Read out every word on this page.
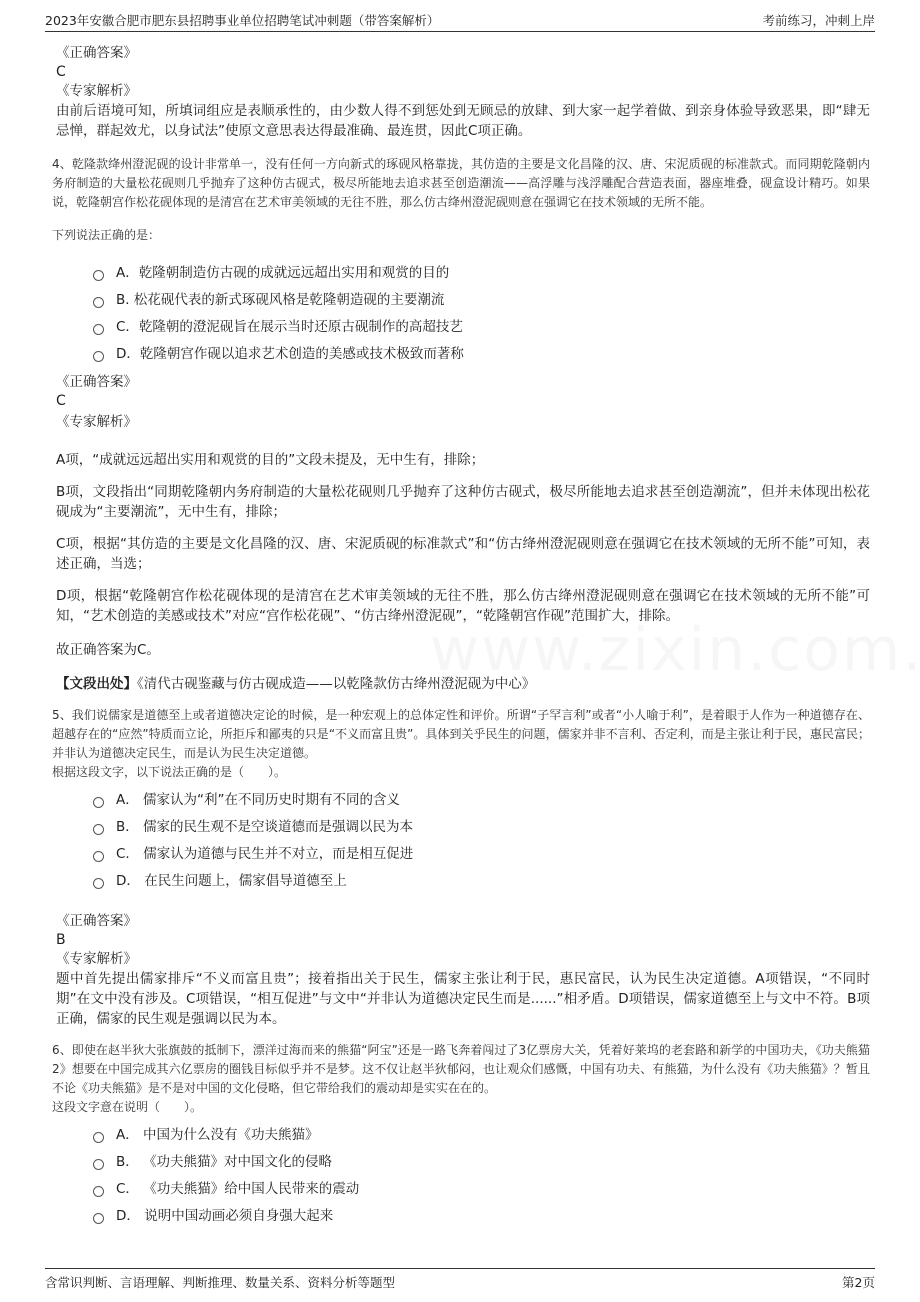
2023年安徽合肥市肥东县招聘事业单位招聘笔试冲刺题（带答案解析）	考前练习，冲刺上岸
《正确答案》
C
《专家解析》
由前后语境可知，所填词组应是表顺承性的，由少数人得不到惩处到无顾忌的放肆、到大家一起学着做、到亲身体验导致恶果，即“肆无忌惮，群起效尤，以身试法”使原文意思表达得最准确、最连贯，因此C项正确。
4、乾隆款绛州澄泥砚的设计非常单一，没有任何一方向新式的琢砚风格靠拢，其仿造的主要是文化昌隆的汉、唐、宋泥质砚的标准款式。而同期乾隆朝内务府制造的大量松花砚则几乎抛弃了这种仿古砚式，极尽所能地去追求甚至创造潮流——高浮雕与浅浮雕配合营造表面，器座堆叠，砚盒设计精巧。如果说，乾隆朝宫作松花砚体现的是清宫在艺术审美领域的无往不胜，那么仿古绛州澄泥砚则意在强调它在技术领域的无所不能。
下列说法正确的是：
A． 乾隆朝制造仿古砚的成就远远超出实用和观赏的目的
B.
松花砚代表的新式琢砚风格是乾隆朝造砚的主要潮流
C． 乾隆朝的澄泥砚旨在展示当时还原古砚制作的高超技艺
D． 乾隆朝宫作砚以追求艺术创造的美感或技术极致而著称
《正确答案》
C
《专家解析》
A项，“成就远远超出实用和观赏的目的”文段未提及，无中生有，排除；
B项，文段指出“同期乾隆朝内务府制造的大量松花砚则几乎抛弃了这种仿古砚式，极尽所能地去追求甚至创造潮流”，但并未体现出松花砚成为“主要潮流”，无中生有，排除；
C项，根据“其仿造的主要是文化昌隆的汉、唐、宋泥质砚的标准款式”和“仿古绛州澄泥砚则意在强调它在技术领域的无所不能”可知，表述正确，当选；
D项，根据“乾隆朝宫作松花砚体现的是清宫在艺术审美领域的无往不胜，那么仿古绛州澄泥砚则意在强调它在技术领域的无所不能”可知，“艺术创造的美感或技术”对应“宫作松花砚”、“仿古绛州澄泥砚”，“乾隆朝宫作砚”范围扩大，排除。
故正确答案为C。
【文段出处】《清代古砚鉴藏与仿古砚成造——以乾隆款仿古绛州澄泥砚为中心》
5、我们说儒家是道德至上或者道德决定论的时候，是一种宏观上的总体定性和评价。所谓“子罕言利”或者“小人喻于利”，是着眼于人作为一种道德存在、超越存在的“应然”特质而立论，所拒斥和鄙夷的只是“不义而富且贵”。具体到关乎民生的问题，儒家并非不言利、否定利，而是主张让利于民，惠民富民；并非认为道德决定民生，而是认为民生决定道德。
根据这段文字，以下说法正确的是（　　）。
A．
儒家认为“利”在不同历史时期有不同的含义
B．
儒家的民生观不是空谈道德而是强调以民为本
C．
儒家认为道德与民生并不对立，而是相互促进
D．
在民生问题上，儒家倡导道德至上
《正确答案》
B
《专家解析》
题中首先提出儒家排斥“不义而富且贵”；接着指出关于民生，儒家主张让利于民，惠民富民，认为民生决定道德。A项错误，“不同时期”在文中没有涉及。C项错误，“相互促进”与文中“并非认为道德决定民生而是......”相矛盾。D项错误，儒家道德至上与文中不符。B项正确，儒家的民生观是强调以民为本。
6、即使在赵半狄大张旗鼓的抵制下，漂洋过海而来的熊猫“阿宝”还是一路飞奔着闯过了3亿票房大关，凭着好莱坞的老套路和新学的中国功夫，《功夫熊猫2》想要在中国完成其六亿票房的圈钱目标似乎并不是梦。这不仅让赵半狄郁闷，也让观众们感慨，中国有功夫、有熊猫，为什么没有《功夫熊猫》？暂且不论《功夫熊猫》是不是对中国的文化侵略，但它带给我们的震动却是实实在在的。
这段文字意在说明（　　）。
A．
中国为什么没有《功夫熊猫》
B．
《功夫熊猫》对中国文化的侵略
C．
《功夫熊猫》给中国人民带来的震动
D．
说明中国动画必须自身强大起来
含常识判断、言语理解、判断推理、数量关系、资料分析等题型	第2页
